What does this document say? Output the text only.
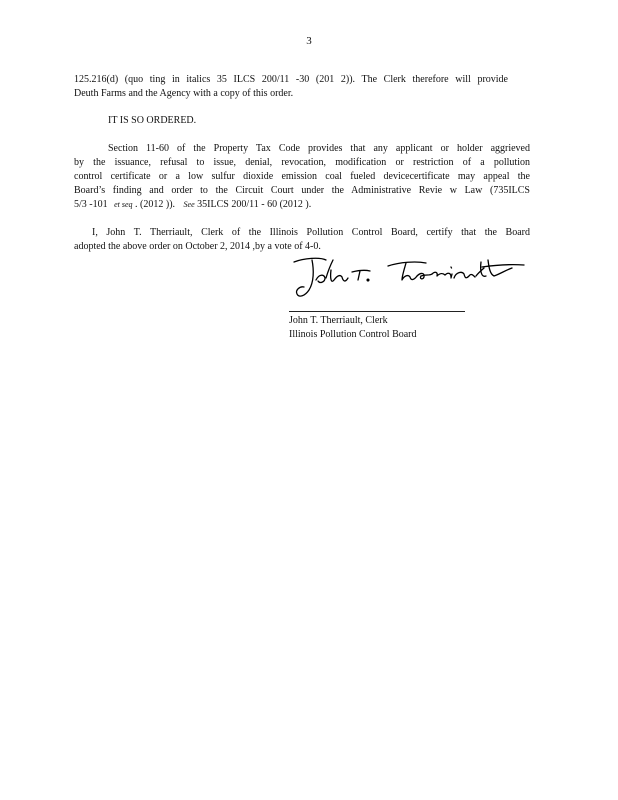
3
125.216(d) (quo ting in italics 35 ILCS 200/11 -30 (201 2)). The Clerk therefore will provide
Deuth Farms and the Agency with a copy of this order.
IT IS SO ORDERED.
Section 11-60 of the Property Tax Code provides that any applicant or holder aggrieved
by the issuance, refusal to issue, denial, revocation, modification or restriction of a pollution
control certificate or a low sulfur dioxide emission coal fueled devicecertificate may appeal the
Board’s finding and order to the Circuit Court under the Administrative Revie w Law (735ILCS
5/3 -101 et seq . (2012 )). See 35ILCS 200/11 - 60 (2012 ).
I, John T. Therriault, Clerk of the Illinois Pollution Control Board, certify that the Board
adopted the above order on October 2, 2014 ,by a vote of 4-0.
John T. Therriault, Clerk
Illinois Pollution Control Board
